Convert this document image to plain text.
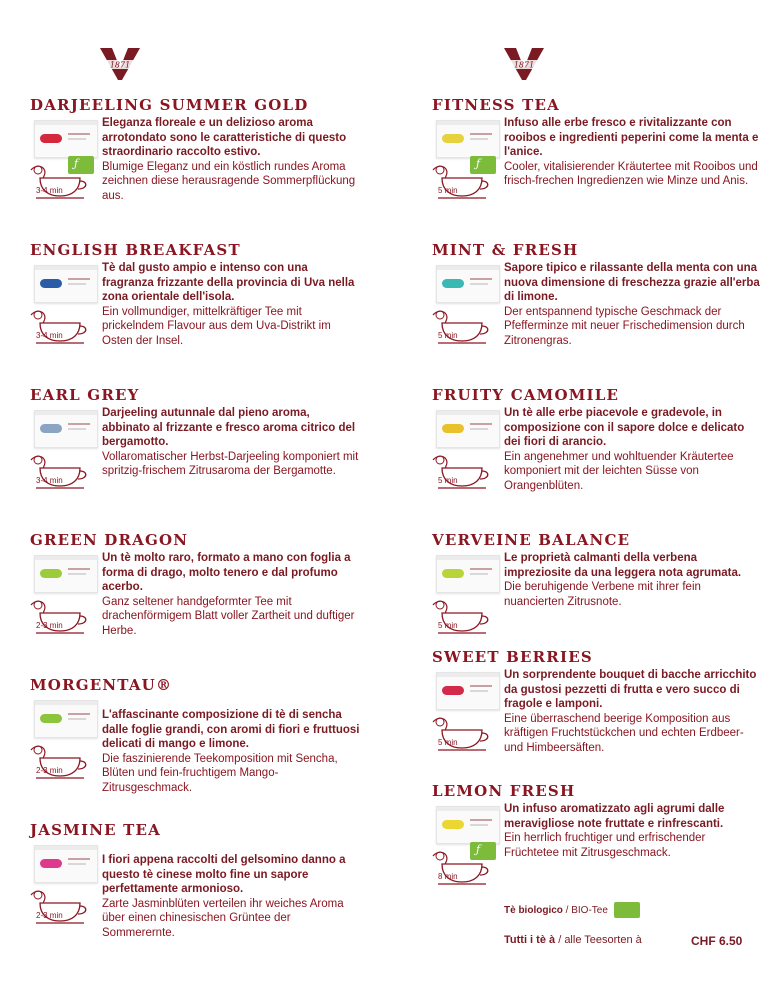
1871	1871
DARJEELING SUMMER GOLD
ƒ
3-4 min
Eleganza floreale e un delizioso aroma arrotondato sono le caratteristiche di questo straordinario raccolto estivo.
Blumige Eleganz und ein köstlich rundes Aroma zeichnen diese herausragende Sommerpflückung aus.
FITNESS TEA
ƒ
5 min
Infuso alle erbe fresco e rivitalizzante con rooibos e ingredienti peperini come la menta e l'anice.
Cooler, vitalisierender Kräutertee mit Rooibos und frisch-frechen Ingredienzen wie Minze und Anis.
ENGLISH BREAKFAST
3-4 min
Tè dal gusto ampio e intenso con una fragranza frizzante della provincia di Uva nella zona orientale dell'isola.
Ein vollmundiger, mittelkräftiger Tee mit prickelndem Flavour aus dem Uva-Distrikt im Osten der Insel.
MINT & FRESH
5 min
Sapore tipico e rilassante della menta con una nuova dimensione di freschezza grazie all'erba di limone.
Der entspannend typische Geschmack der Pfefferminze mit neuer Frischedimension durch Zitronengras.
EARL GREY
3-4 min
Darjeeling autunnale dal pieno aroma, abbinato al frizzante e fresco aroma citrico del bergamotto.
Vollaromatischer Herbst-Darjeeling komponiert mit spritzig-frischem Zitrusaroma der Bergamotte.
FRUITY CAMOMILE
5 min
Un tè alle erbe piacevole e gradevole, in composizione con il sapore dolce e delicato dei fiori di arancio.
Ein angenehmer und wohltuender Kräutertee komponiert mit der leichten Süsse von Orangenblüten.
GREEN DRAGON
2-3 min
Un tè molto raro, formato a mano con foglia a forma di drago, molto tenero e dal profumo acerbo.
Ganz seltener handgeformter Tee mit drachenförmigem Blatt voller Zartheit und duftiger Herbe.
VERVEINE BALANCE
5 min
Le proprietà calmanti della verbena impreziosite da una leggera nota agrumata.
Die beruhigende Verbene mit ihrer fein nuancierten Zitrusnote.
SWEET BERRIES
5 min
Un sorprendente bouquet di bacche arricchito da gustosi pezzetti di frutta e vero succo di fragole e lamponi.
Eine überraschend beerige Komposition aus kräftigen Fruchtstückchen und echten Erdbeer- und Himbeersäften.
MORGENTAU®
2-3 min
L'affascinante composizione di tè di sencha dalle foglie grandi, con aromi di fiori e fruttuosi delicati di mango e limone.
Die faszinierende Teekomposition mit Sencha, Blüten und fein-fruchtigem Mango-Zitrusgeschmack.	LEMON FRESH
ƒ
8 min
Un infuso aromatizzato agli agrumi dalle meravigliose note fruttate e rinfrescanti.
Ein herrlich fruchtiger und erfrischender Früchtetee mit Zitrusgeschmack.
JASMINE TEA
2-3 min
I fiori appena raccolti del gelsomino danno a questo tè cinese molto fine un sapore perfettamente armonioso.
Zarte Jasminblüten verteilen ihr weiches Aroma über einen chinesischen Grüntee der Sommerernte.
Tè biologico / BIO-Tee
Tutti i tè à / alle Teesorten à	CHF 6.50
